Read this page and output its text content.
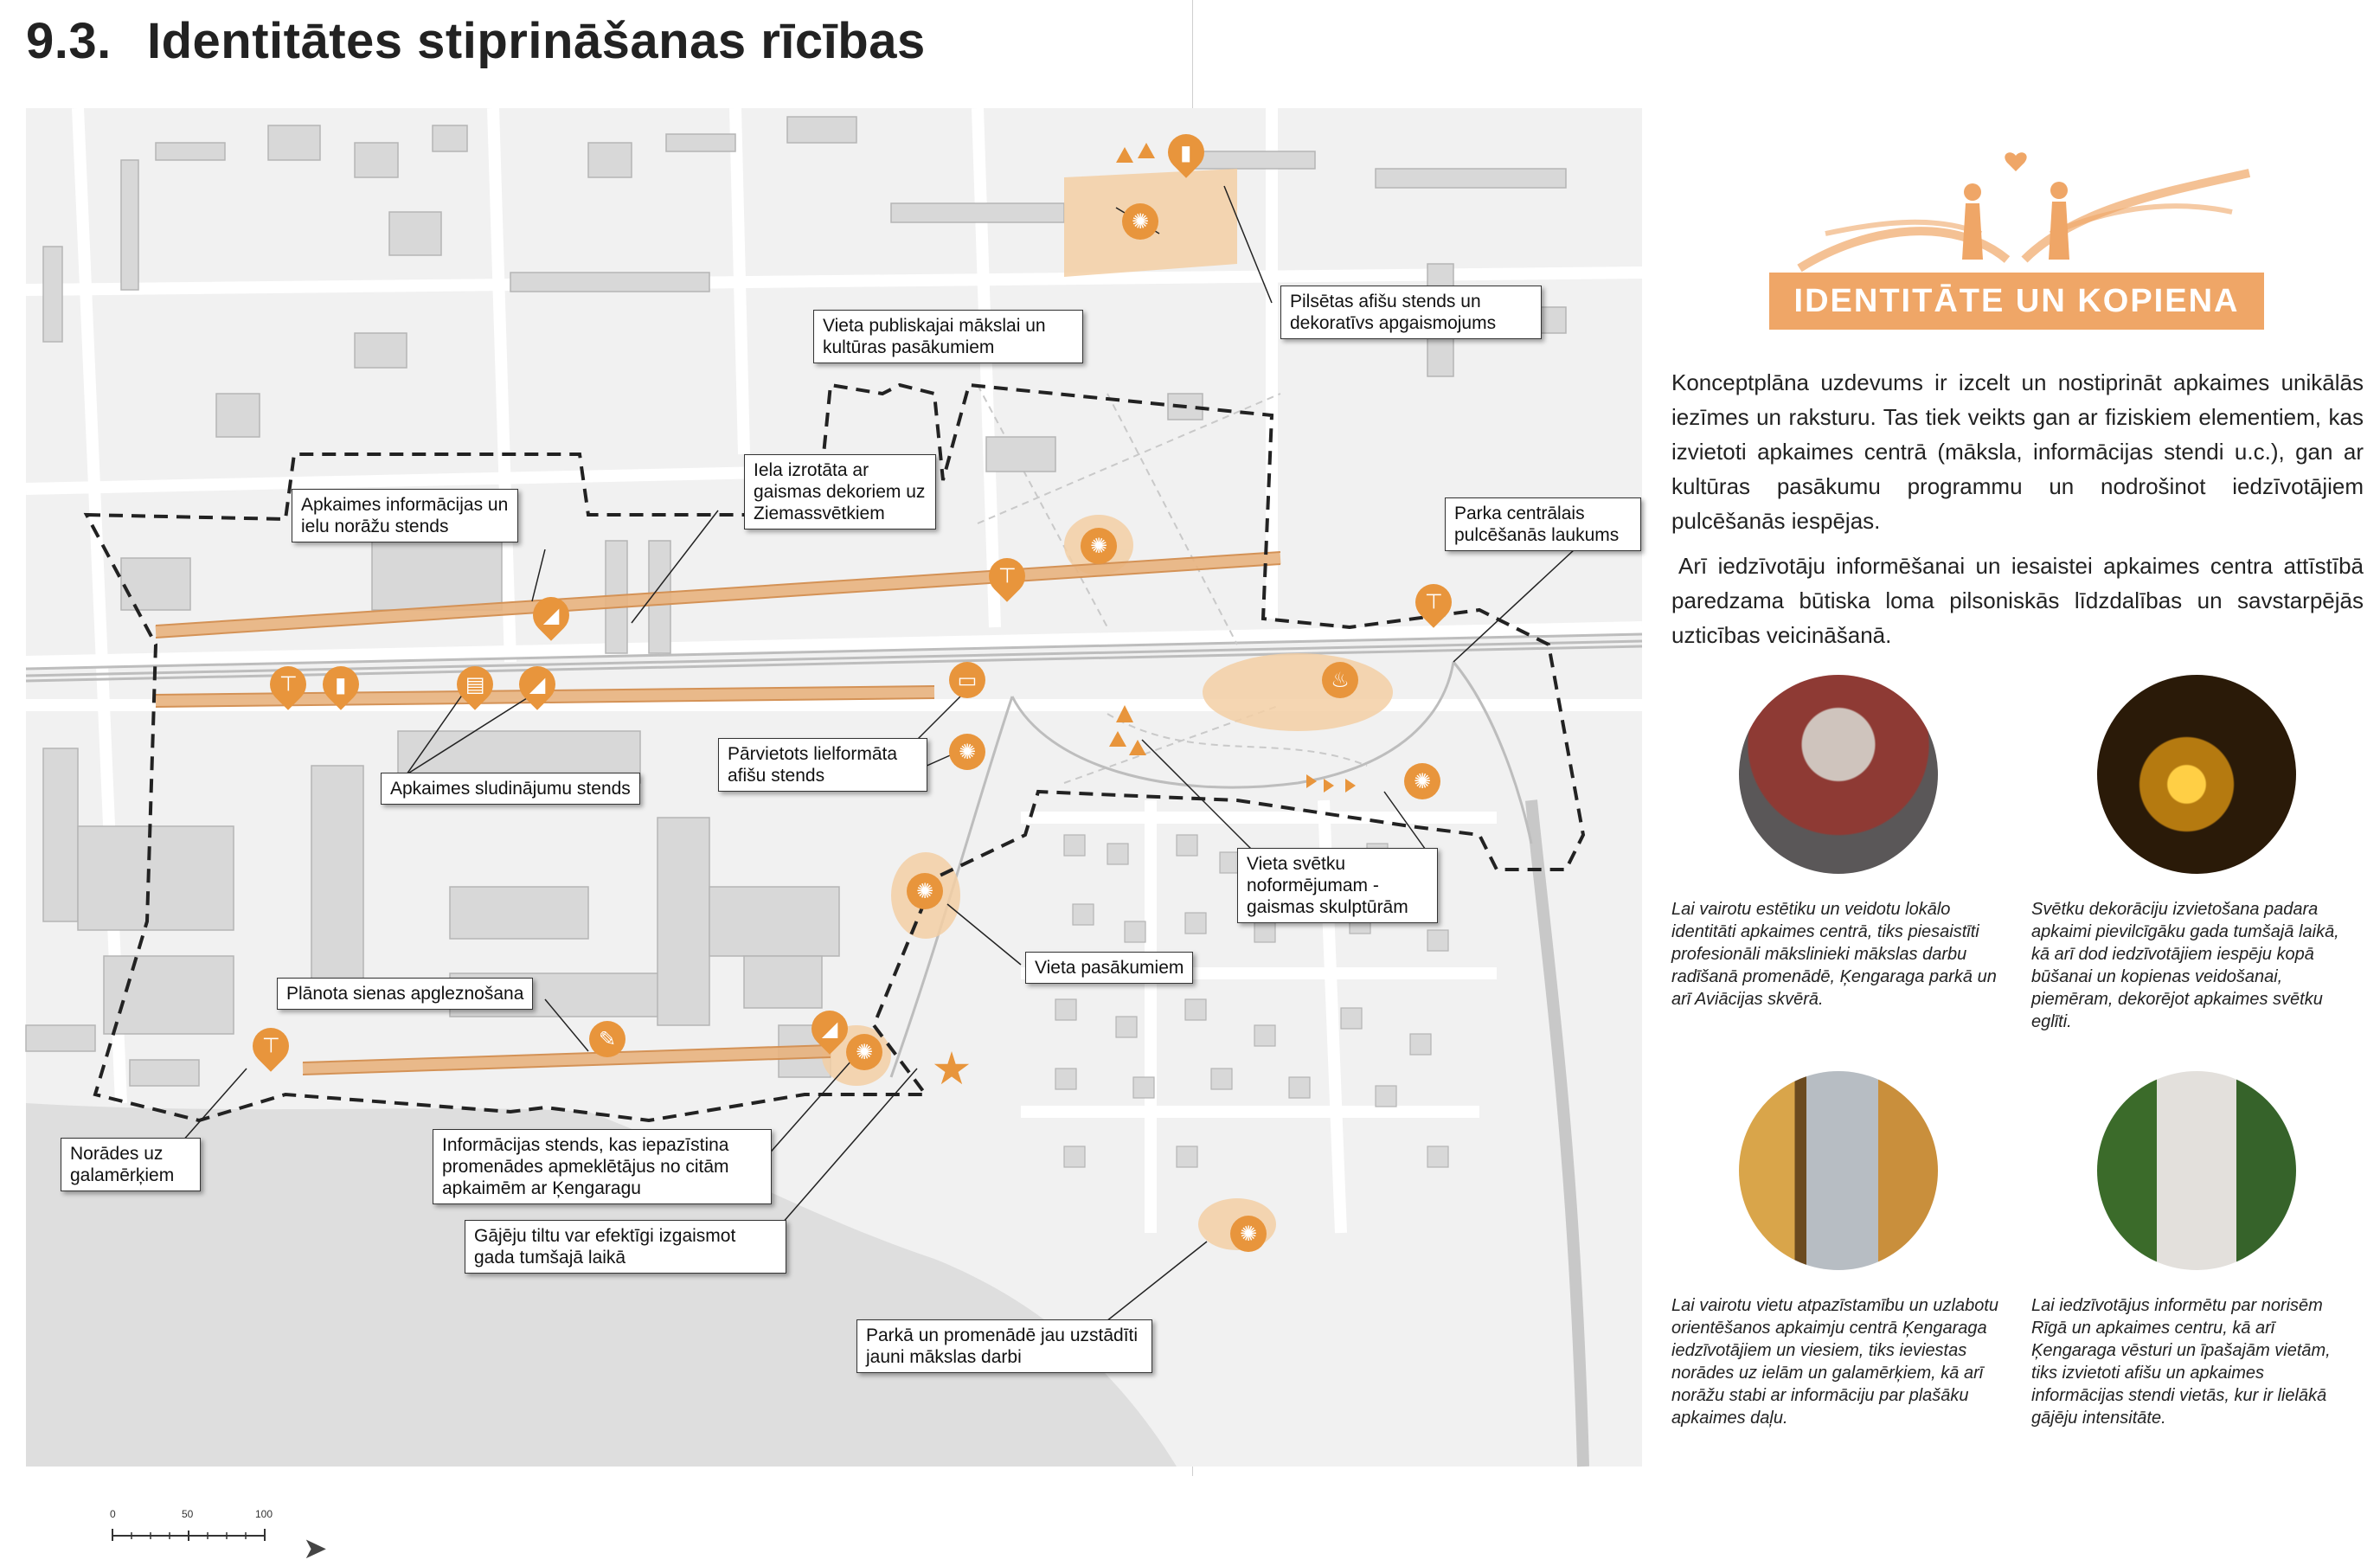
9.3. Identitātes stiprināšanas rīcības
▮
✺
✺
⊤
⊤
♨
✺
◢
⊤	▮	▤	◢	▭
✺
✺
✎
⊤
◢
✺
✺
Vieta publiskajai mākslai un kultūras pasākumiem
Pilsētas afišu stends un dekoratīvs apgaismojums
Iela izrotāta ar gaismas dekoriem uz Ziemassvētkiem
Apkaimes informācijas un ielu norāžu stends
Parka centrālais pulcēšanās laukums
Pārvietots lielformāta afišu stends
Apkaimes sludinājumu stends
Vieta svētku noformējumam - gaismas skulptūrām
Vieta pasākumiem
Plānota sienas apgleznošana
Norādes uz galamērķiem
Informācijas stends, kas iepazīstina promenādes apmeklētājus no citām apkaimēm ar Ķengaragu
Gājēju tiltu var efektīgi izgaismot gada tumšajā laikā
Parkā un promenādē jau uzstādīti jauni mākslas darbi
0	50	100
➤
IDENTITĀTE UN KOPIENA

Konceptplāna uzdevums ir izcelt un nostiprināt apkaimes unikālās iezīmes un raksturu. Tas tiek veikts gan ar fiziskiem elementiem, kas izvietoti apkaimes centrā (māksla, informācijas stendi u.c.), gan ar kultūras pasākumu programmu un nodrošinot iedzīvotājiem pulcēšanās iespējas.

Arī iedzīvotāju informēšanai un iesaistei apkaimes centra attīstībā paredzama būtiska loma pilsoniskās līdzdalības un savstarpējās uzticības veicināšanā.

Lai vairotu estētiku un veidotu lokālo identitāti apkaimes centrā, tiks piesaistīti profesionāli mākslinieki mākslas darbu radīšanā promenādē, Ķengaraga parkā un arī Aviācijas skvērā.
Svētku dekorāciju izvietošana padara apkaimi pievilcīgāku gada tumšajā laikā, kā arī dod iedzīvotājiem iespēju kopā būšanai un kopienas veidošanai, piemēram, dekorējot apkaimes svētku eglīti.
Lai vairotu vietu atpazīstamību un uzlabotu orientēšanos apkaimju centrā Ķengaraga iedzīvotājiem un viesiem, tiks ieviestas norādes uz ielām un galamērķiem, kā arī norāžu stabi ar informāciju par plašāku apkaimes daļu.
Lai iedzīvotājus informētu par norisēm Rīgā un apkaimes centru, kā arī Ķengaraga vēsturi un īpašajām vietām, tiks izvietoti afišu un apkaimes informācijas stendi vietās, kur ir lielākā gājēju intensitāte.
